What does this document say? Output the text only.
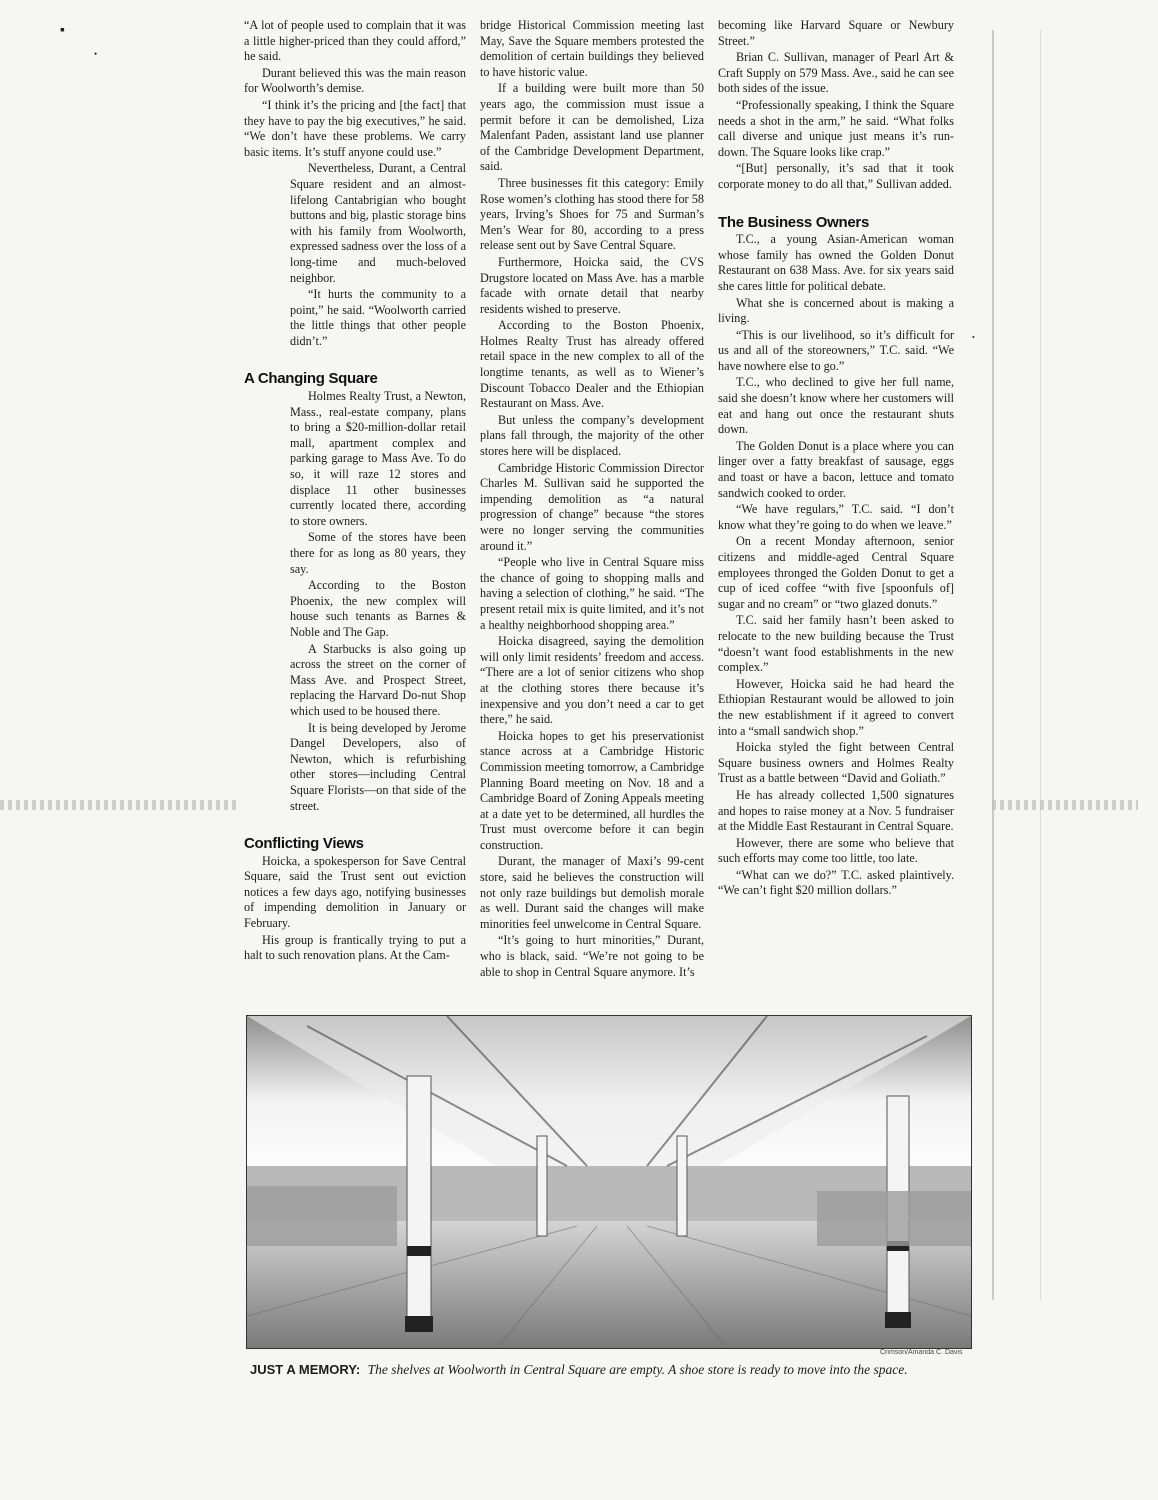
▪
•
•

“A lot of people used to complain that it was a little higher-priced than they could afford,” he said.

Durant believed this was the main reason for Woolworth’s demise.

“I think it’s the pricing and [the fact] that they have to pay the big executives,” he said. “We don’t have these problems. We carry basic items. It’s stuff anyone could use.”

Nevertheless, Durant, a Central Square resident and an almost-lifelong Cantabrigian who bought buttons and big, plastic storage bins with his family from Woolworth, expressed sadness over the loss of a long-time and much-beloved neighbor.

“It hurts the community to a point,” he said. “Woolworth carried the little things that other people didn’t.”

A Changing Square

Holmes Realty Trust, a Newton, Mass., real-estate company, plans to bring a $20-million-dollar retail mall, apartment complex and parking garage to Mass Ave. To do so, it will raze 12 stores and displace 11 other businesses currently located there, according to store owners.

Some of the stores have been there for as long as 80 years, they say.

According to the Boston Phoenix, the new complex will house such tenants as Barnes & Noble and The Gap.

A Starbucks is also going up across the street on the corner of Mass Ave. and Prospect Street, replacing the Harvard Do-nut Shop which used to be housed there.

It is being developed by Jerome Dangel Developers, also of Newton, which is refurbishing other stores—including Central Square Florists—on that side of the street.

Conflicting Views

Hoicka, a spokesperson for Save Central Square, said the Trust sent out eviction notices a few days ago, notifying businesses of impending demolition in January or February.

His group is frantically trying to put a halt to such renovation plans. At the Cam-

bridge Historical Commission meeting last May, Save the Square members protested the demolition of certain buildings they believed to have historic value.

If a building were built more than 50 years ago, the commission must issue a permit before it can be demolished, Liza Malenfant Paden, assistant land use planner of the Cambridge Development Department, said.

Three businesses fit this category: Emily Rose women’s clothing has stood there for 58 years, Irving’s Shoes for 75 and Surman’s Men’s Wear for 80, according to a press release sent out by Save Central Square.

Furthermore, Hoicka said, the CVS Drugstore located on Mass Ave. has a marble facade with ornate detail that nearby residents wished to preserve.

According to the Boston Phoenix, Holmes Realty Trust has already offered retail space in the new complex to all of the longtime tenants, as well as to Wiener’s Discount Tobacco Dealer and the Ethiopian Restaurant on Mass. Ave.

But unless the company’s development plans fall through, the majority of the other stores here will be displaced.

Cambridge Historic Commission Director Charles M. Sullivan said he supported the impending demolition as “a natural progression of change” because “the stores were no longer serving the communities around it.”

“People who live in Central Square miss the chance of going to shopping malls and having a selection of clothing,” he said. “The present retail mix is quite limited, and it’s not a healthy neighborhood shopping area.”

Hoicka disagreed, saying the demolition will only limit residents’ freedom and access. “There are a lot of senior citizens who shop at the clothing stores there because it’s inexpensive and you don’t need a car to get there,” he said.

Hoicka hopes to get his preservationist stance across at a Cambridge Historic Commission meeting tomorrow, a Cambridge Planning Board meeting on Nov. 18 and a Cambridge Board of Zoning Appeals meeting at a date yet to be determined, all hurdles the Trust must overcome before it can begin construction.

Durant, the manager of Maxi’s 99-cent store, said he believes the construction will not only raze buildings but demolish morale as well. Durant said the changes will make minorities feel unwelcome in Central Square.

“It’s going to hurt minorities,” Durant, who is black, said. “We’re not going to be able to shop in Central Square anymore. It’s

becoming like Harvard Square or Newbury Street.”

Brian C. Sullivan, manager of Pearl Art & Craft Supply on 579 Mass. Ave., said he can see both sides of the issue.

“Professionally speaking, I think the Square needs a shot in the arm,” he said. “What folks call diverse and unique just means it’s run-down. The Square looks like crap.”

“[But] personally, it’s sad that it took corporate money to do all that,” Sullivan added.

The Business Owners

T.C., a young Asian-American woman whose family has owned the Golden Donut Restaurant on 638 Mass. Ave. for six years said she cares little for political debate.

What she is concerned about is making a living.

“This is our livelihood, so it’s difficult for us and all of the storeowners,” T.C. said. “We have nowhere else to go.”

T.C., who declined to give her full name, said she doesn’t know where her customers will eat and hang out once the restaurant shuts down.

The Golden Donut is a place where you can linger over a fatty breakfast of sausage, eggs and toast or have a bacon, lettuce and tomato sandwich cooked to order.

“We have regulars,” T.C. said. “I don’t know what they’re going to do when we leave.”

On a recent Monday afternoon, senior citizens and middle-aged Central Square employees thronged the Golden Donut to get a cup of iced coffee “with five [spoonfuls of] sugar and no cream” or “two glazed donuts.”

T.C. said her family hasn’t been asked to relocate to the new building because the Trust “doesn’t want food establishments in the new complex.”

However, Hoicka said he had heard the Ethiopian Restaurant would be allowed to join the new establishment if it agreed to convert into a “small sandwich shop.”

Hoicka styled the fight between Central Square business owners and Holmes Realty Trust as a battle between “David and Goliath.”

He has already collected 1,500 signatures and hopes to raise money at a Nov. 5 fundraiser at the Middle East Restaurant in Central Square.

However, there are some who believe that such efforts may come too little, too late.

“What can we do?” T.C. asked plaintively. “We can’t fight $20 million dollars.”

Crimson/Amanda C. Davis
JUST A MEMORY: The shelves at Woolworth in Central Square are empty. A shoe store is ready to move into the space.
